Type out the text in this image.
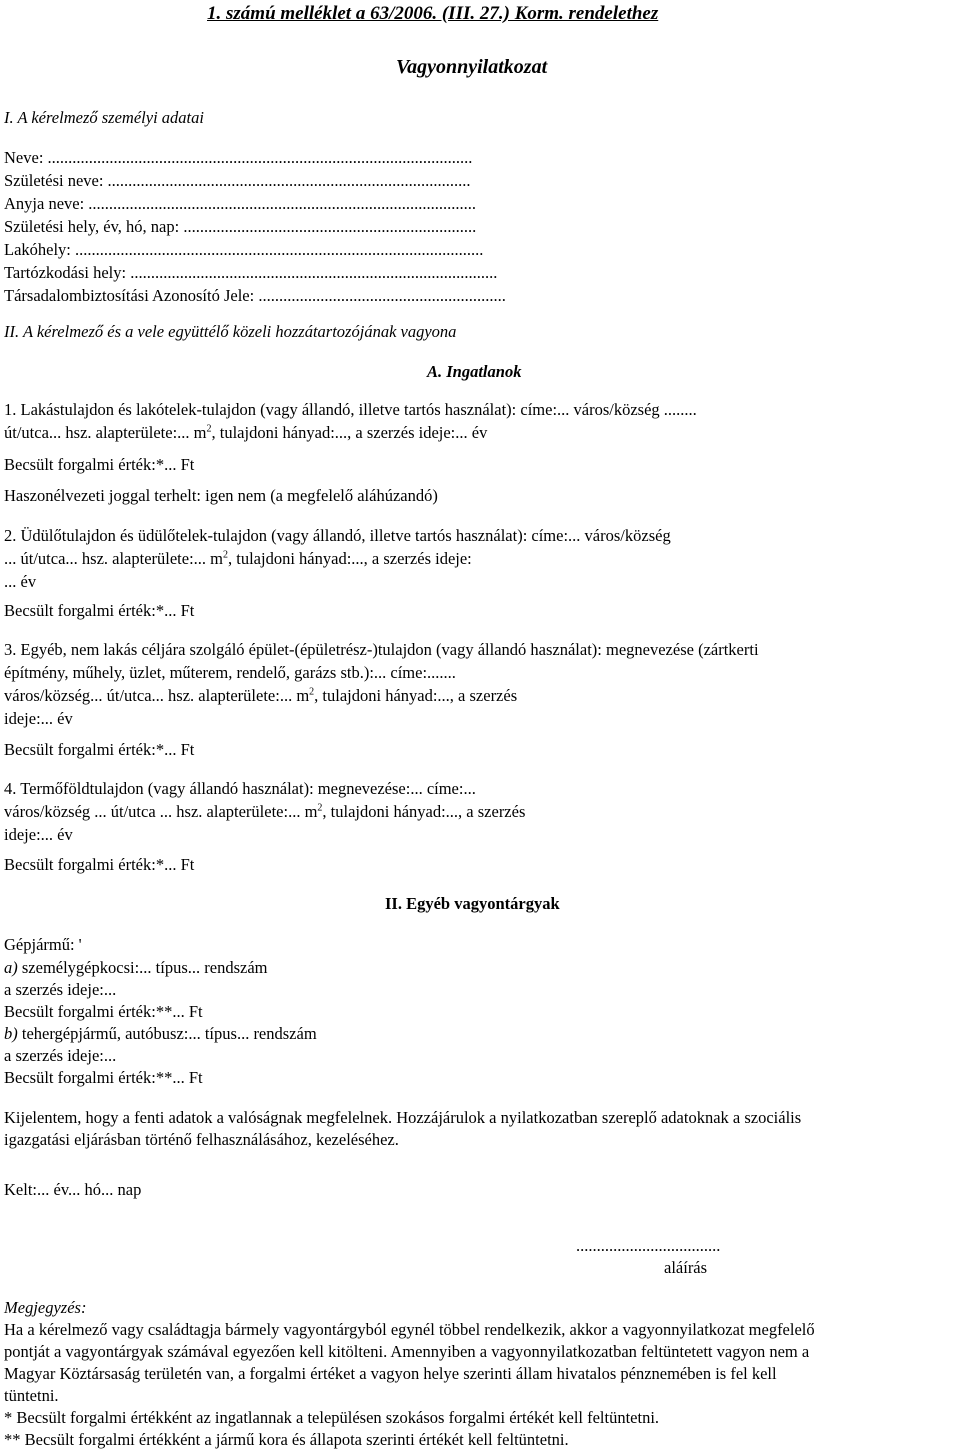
1. számú melléklet a 63/2006. (III. 27.) Korm. rendelethez
Vagyonnyilatkozat
I. A kérelmező személyi adatai
Neve: .......................................................................................................
Születési neve: ........................................................................................
Anyja neve: ..............................................................................................
Születési hely, év, hó, nap: .......................................................................
Lakóhely: ...................................................................................................
Tartózkodási hely: .........................................................................................
Társadalombiztosítási Azonosító Jele: ............................................................
II. A kérelmező és a vele együttélő közeli hozzátartozójának vagyona
A. Ingatlanok
1. Lakástulajdon és lakótelek-tulajdon (vagy állandó, illetve tartós használat): címe:... város/község ........
út/utca... hsz. alapterülete:... $m^2$, tulajdoni hányad:..., a szerzés ideje:... év
Becsült forgalmi érték:*... Ft
Haszonélvezeti joggal terhelt: igen nem (a megfelelő aláhúzandó)
2. Üdülőtulajdon és üdülőtelek-tulajdon (vagy állandó, illetve tartós használat): címe:... város/község
... út/utca... hsz. alapterülete:... $m^2$, tulajdoni hányad:..., a szerzés ideje:
... év
Becsült forgalmi érték:*... Ft
3. Egyéb, nem lakás céljára szolgáló épület-(épületrész-)tulajdon (vagy állandó használat): megnevezése (zártkerti
építmény, műhely, üzlet, műterem, rendelő, garázs stb.):... címe:.......
város/község... út/utca... hsz. alapterülete:... $m^2$, tulajdoni hányad:..., a szerzés
ideje:... év
Becsült forgalmi érték:*... Ft
4. Termőföldtulajdon (vagy állandó használat): megnevezése:... címe:...
város/község ... út/utca ... hsz. alapterülete:... $m^2$, tulajdoni hányad:..., a szerzés
ideje:... év
Becsült forgalmi érték:*... Ft
II. Egyéb vagyontárgyak
Gépjármű: '
a) személygépkocsi:... típus... rendszám
a szerzés ideje:...
Becsült forgalmi érték:**... Ft
b) tehergépjármű, autóbusz:... típus... rendszám
a szerzés ideje:...
Becsült forgalmi érték:**... Ft
Kijelentem, hogy a fenti adatok a valóságnak megfelelnek. Hozzájárulok a nyilatkozatban szereplő adatoknak a szociális
igazgatási eljárásban történő felhasználásához, kezeléséhez.
Kelt:... év... hó... nap
...................................
aláírás
Megjegyzés:
Ha a kérelmező vagy családtagja bármely vagyontárgyból egynél többel rendelkezik, akkor a vagyonnyilatkozat megfelelő
pontját a vagyontárgyak számával egyezően kell kitölteni. Amennyiben a vagyonnyilatkozatban feltüntetett vagyon nem a
Magyar Köztársaság területén van, a forgalmi értéket a vagyon helye szerinti állam hivatalos pénznemében is fel kell
tüntetni.
* Becsült forgalmi értékként az ingatlannak a településen szokásos forgalmi értékét kell feltüntetni.
** Becsült forgalmi értékként a jármű kora és állapota szerinti értékét kell feltüntetni.
